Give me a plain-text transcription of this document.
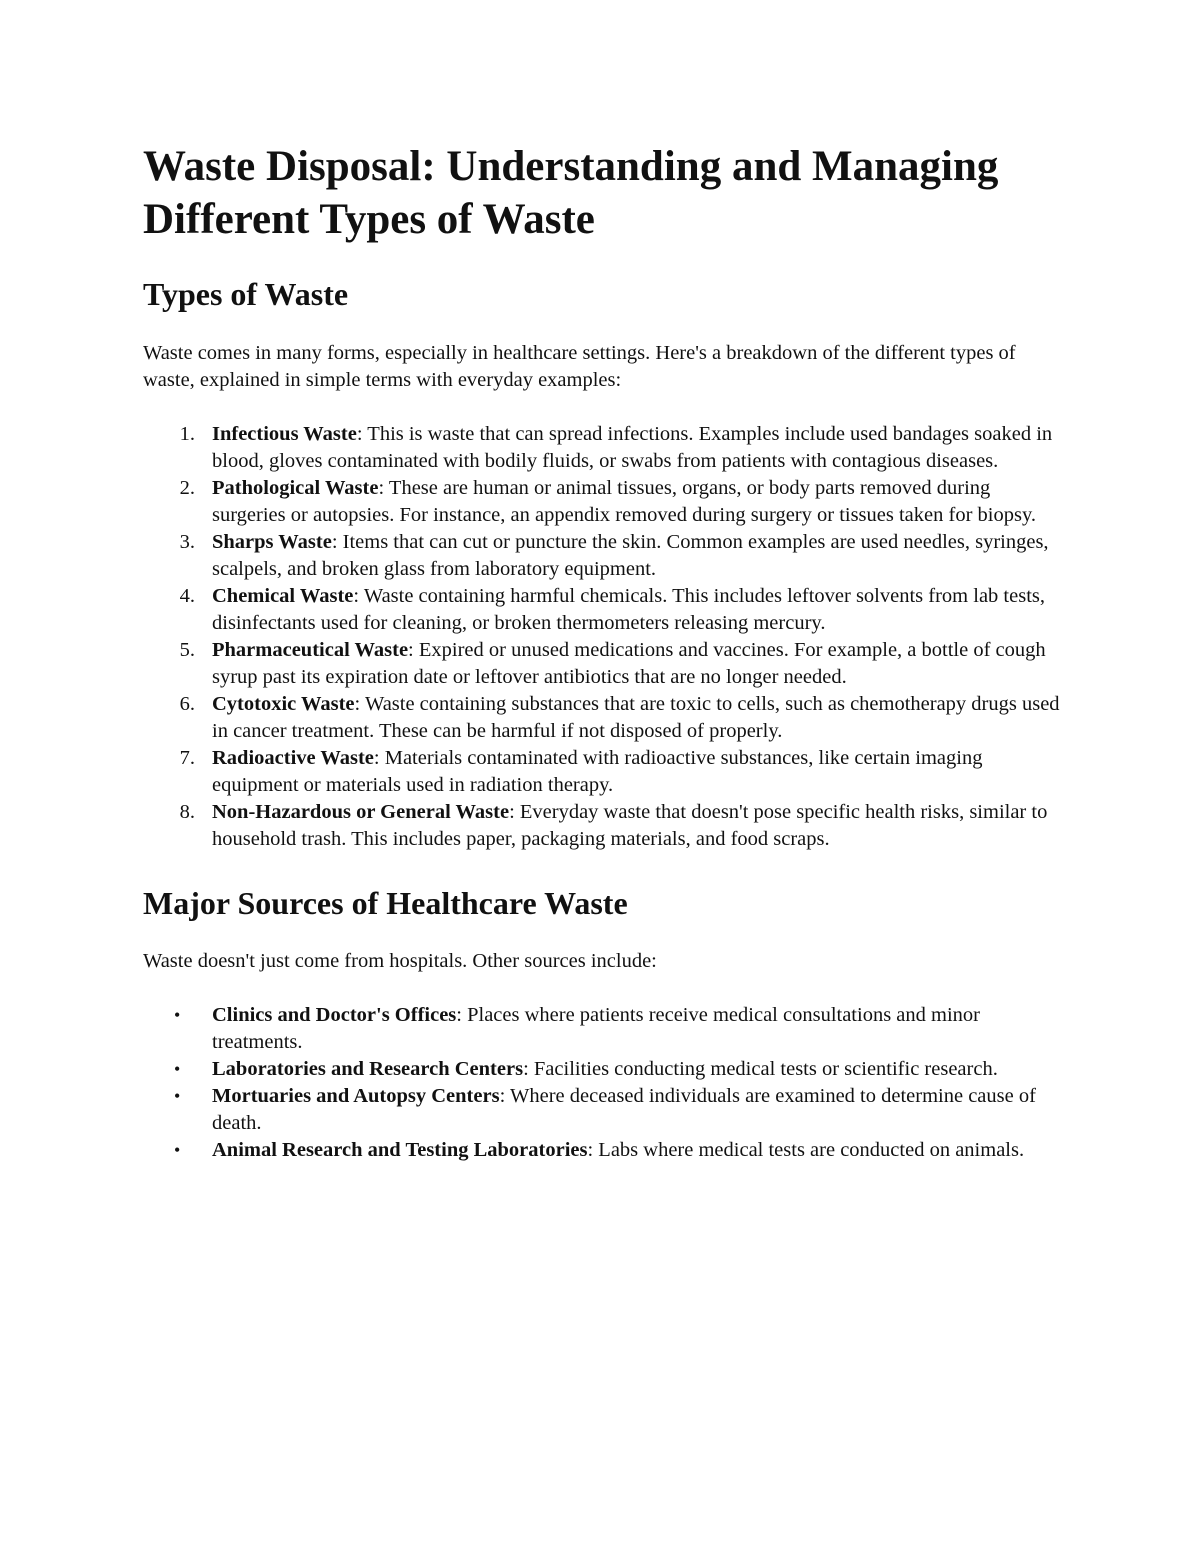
Waste Disposal: Understanding and Managing Different Types of Waste
Types of Waste

Waste comes in many forms, especially in healthcare settings. Here's a breakdown of the different types of waste, explained in simple terms with everyday examples:

1. Infectious Waste: This is waste that can spread infections. Examples include used bandages soaked in blood, gloves contaminated with bodily fluids, or swabs from patients with contagious diseases.
2. Pathological Waste: These are human or animal tissues, organs, or body parts removed during surgeries or autopsies. For instance, an appendix removed during surgery or tissues taken for biopsy.
3. Sharps Waste: Items that can cut or puncture the skin. Common examples are used needles, syringes, scalpels, and broken glass from laboratory equipment.
4. Chemical Waste: Waste containing harmful chemicals. This includes leftover solvents from lab tests, disinfectants used for cleaning, or broken thermometers releasing mercury.
5. Pharmaceutical Waste: Expired or unused medications and vaccines. For example, a bottle of cough syrup past its expiration date or leftover antibiotics that are no longer needed.
6. Cytotoxic Waste: Waste containing substances that are toxic to cells, such as chemotherapy drugs used in cancer treatment. These can be harmful if not disposed of properly.
7. Radioactive Waste: Materials contaminated with radioactive substances, like certain imaging equipment or materials used in radiation therapy.
8. Non-Hazardous or General Waste: Everyday waste that doesn't pose specific health risks, similar to household trash. This includes paper, packaging materials, and food scraps.
Major Sources of Healthcare Waste

Waste doesn't just come from hospitals. Other sources include:

• Clinics and Doctor's Offices: Places where patients receive medical consultations and minor treatments.
• Laboratories and Research Centers: Facilities conducting medical tests or scientific research.
• Mortuaries and Autopsy Centers: Where deceased individuals are examined to determine cause of death.
• Animal Research and Testing Laboratories: Labs where medical tests are conducted on animals.
